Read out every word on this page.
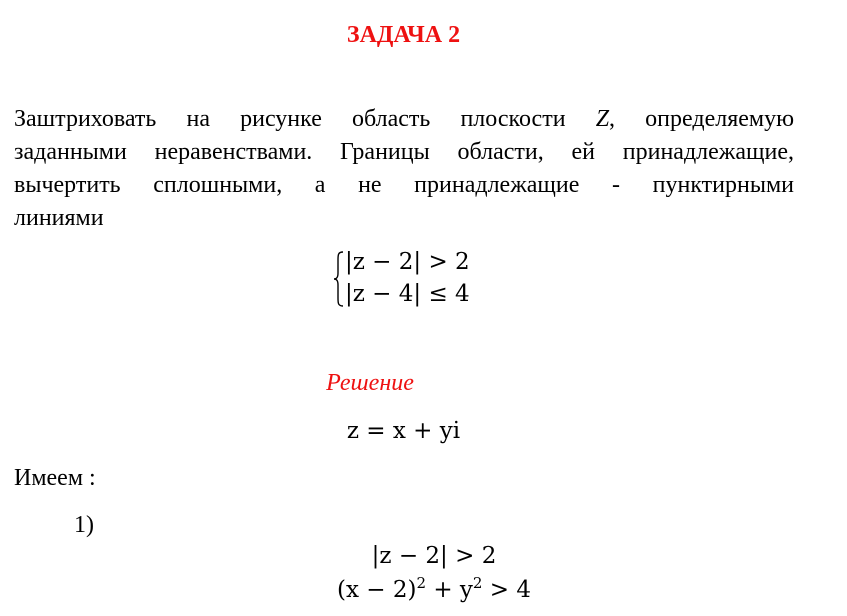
ЗАДАЧА 2
Заштриховать на рисунке область плоскости Z, определяемую
заданными неравенствами. Границы области, ей принадлежащие,
вычертить сплошными, а не принадлежащие - пунктирными
линиями
|z − 2| > 2
|z − 4| ≤ 4
Решение
z = x + yi
Имеем :
1)
|z − 2| > 2
$(x - 2)^2 + y^2 > 4$
